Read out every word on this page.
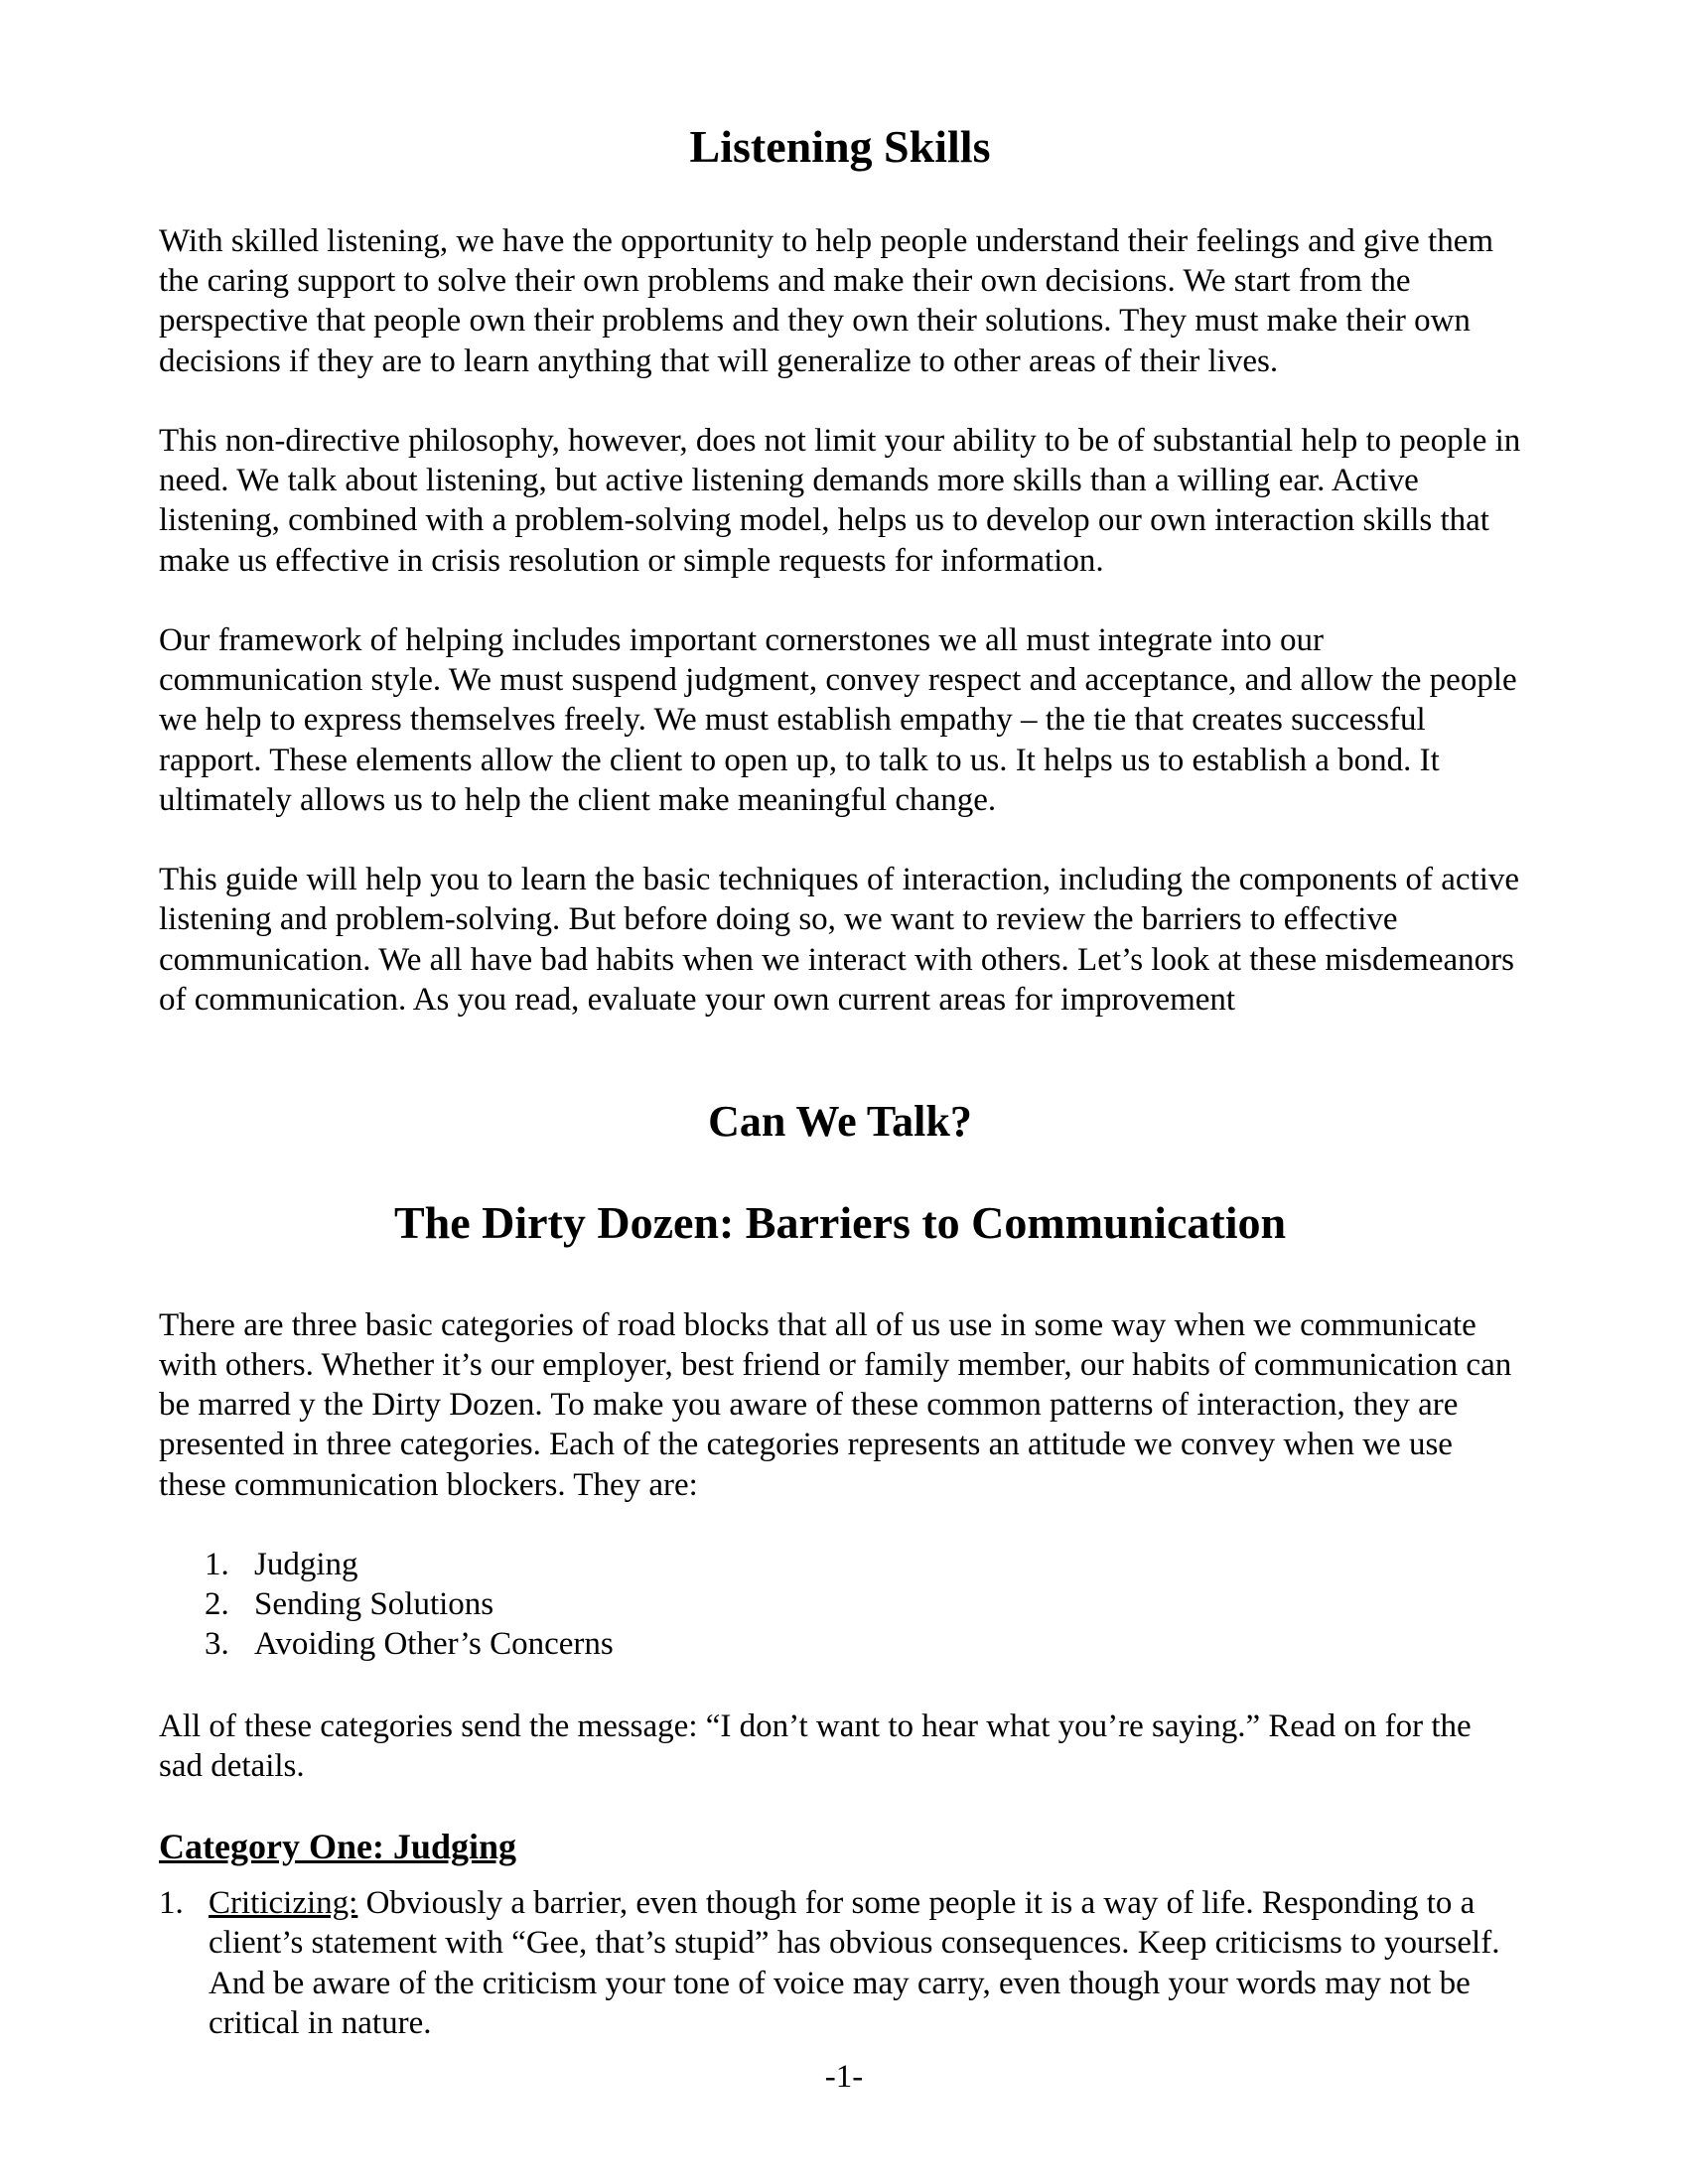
Listening Skills

With skilled listening, we have the opportunity to help people understand their feelings and give them the caring support to solve their own problems and make their own decisions. We start from the perspective that people own their problems and they own their solutions. They must make their own decisions if they are to learn anything that will generalize to other areas of their lives.

This non-directive philosophy, however, does not limit your ability to be of substantial help to people in need. We talk about listening, but active listening demands more skills than a willing ear. Active listening, combined with a problem-solving model, helps us to develop our own interaction skills that make us effective in crisis resolution or simple requests for information.

Our framework of helping includes important cornerstones we all must integrate into our communication style. We must suspend judgment, convey respect and acceptance, and allow the people we help to express themselves freely. We must establish empathy – the tie that creates successful rapport. These elements allow the client to open up, to talk to us. It helps us to establish a bond. It ultimately allows us to help the client make meaningful change.

This guide will help you to learn the basic techniques of interaction, including the components of active listening and problem-solving. But before doing so, we want to review the barriers to effective communication. We all have bad habits when we interact with others. Let’s look at these misdemeanors of communication. As you read, evaluate your own current areas for improvement

Can We Talk?
The Dirty Dozen: Barriers to Communication

There are three basic categories of road blocks that all of us use in some way when we communicate with others. Whether it’s our employer, best friend or family member, our habits of communication can be marred y the Dirty Dozen. To make you aware of these common patterns of interaction, they are presented in three categories. Each of the categories represents an attitude we convey when we use these communication blockers. They are:

1. Judging
2. Sending Solutions
3. Avoiding Other’s Concerns

All of these categories send the message: “I don’t want to hear what you’re saying.” Read on for the sad details.

Category One: Judging
1. Criticizing: Obviously a barrier, even though for some people it is a way of life. Responding to a client’s statement with “Gee, that’s stupid” has obvious consequences. Keep criticisms to yourself. And be aware of the criticism your tone of voice may carry, even though your words may not be critical in nature.
-1-
